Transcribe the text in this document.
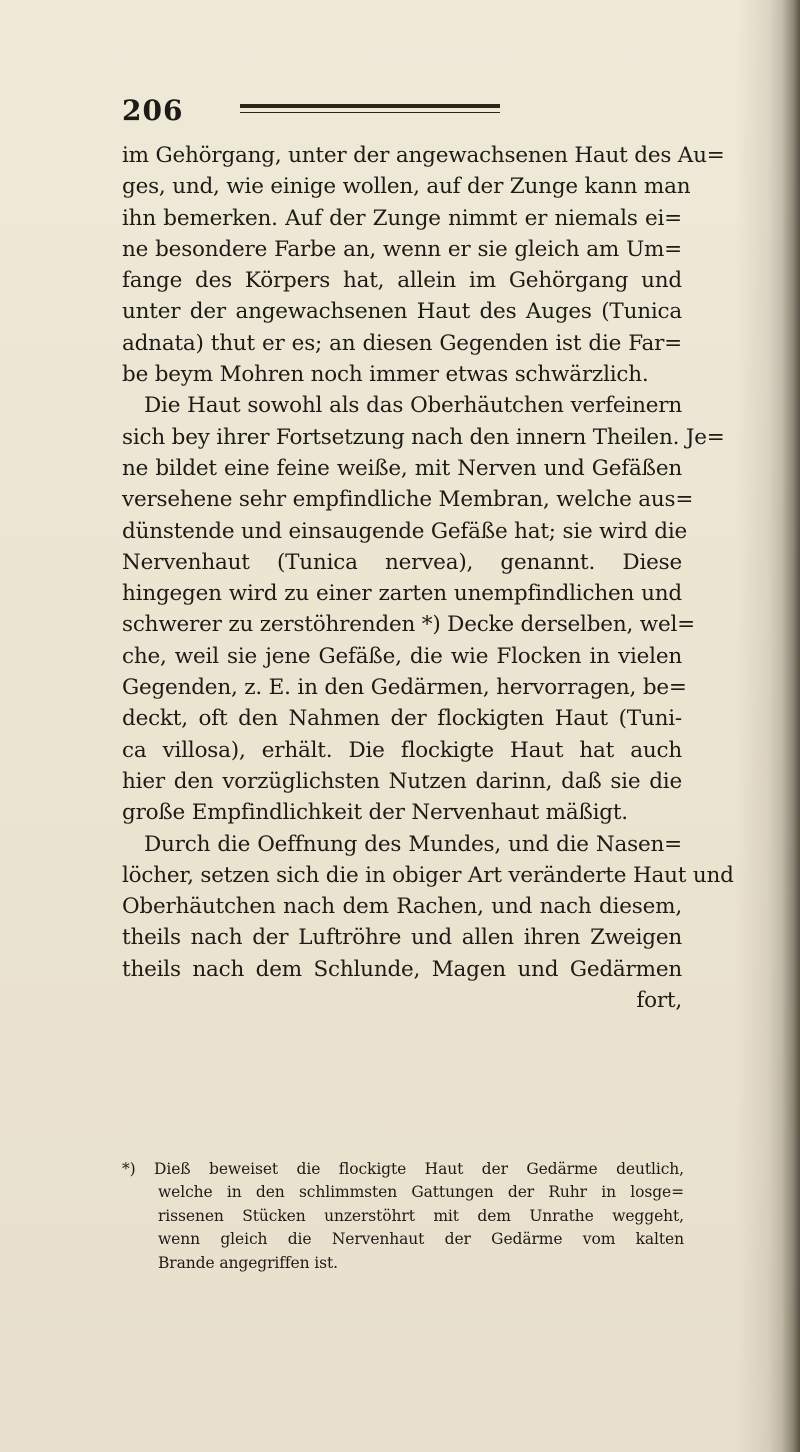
206
im Gehörgang, unter der angewachsenen Haut des Au=
ges, und, wie einige wollen, auf der Zunge kann man
ihn bemerken. Auf der Zunge nimmt er niemals ei=
ne besondere Farbe an, wenn er sie gleich am Um=
fange des Körpers hat, allein im Gehörgang und
unter der angewachsenen Haut des Auges (Tunica
adnata) thut er es; an diesen Gegenden ist die Far=
be beym Mohren noch immer etwas schwärzlich.
Die Haut sowohl als das Oberhäutchen verfeinern
sich bey ihrer Fortsetzung nach den innern Theilen. Je=
ne bildet eine feine weiße, mit Nerven und Gefäßen
versehene sehr empfindliche Membran, welche aus=
dünstende und einsaugende Gefäße hat; sie wird die
Nervenhaut (Tunica nervea), genannt. Diese
hingegen wird zu einer zarten unempfindlichen und
schwerer zu zerstöhrenden *) Decke derselben, wel=
che, weil sie jene Gefäße, die wie Flocken in vielen
Gegenden, z. E. in den Gedärmen, hervorragen, be=
deckt, oft den Nahmen der flockigten Haut (Tuni-
ca villosa), erhält. Die flockigte Haut hat auch
hier den vorzüglichsten Nutzen darinn, daß sie die
große Empfindlichkeit der Nervenhaut mäßigt.
Durch die Oeffnung des Mundes, und die Nasen=
löcher, setzen sich die in obiger Art veränderte Haut und
Oberhäutchen nach dem Rachen, und nach diesem,
theils nach der Luftröhre und allen ihren Zweigen
theils nach dem Schlunde, Magen und Gedärmen
fort,
*) Dieß beweiset die flockigte Haut der Gedärme deutlich,
welche in den schlimmsten Gattungen der Ruhr in losge=
rissenen Stücken unzerstöhrt mit dem Unrathe weggeht,
wenn gleich die Nervenhaut der Gedärme vom kalten
Brande angegriffen ist.
